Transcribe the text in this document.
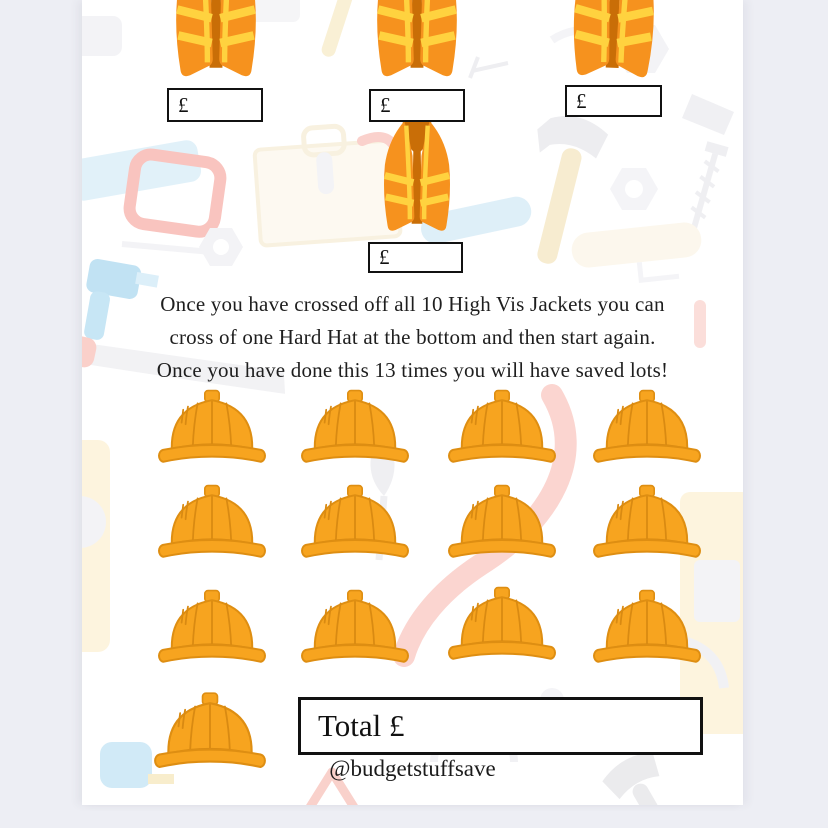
£	£	£
£
Once you have crossed off all 10 High Vis Jackets you can
cross of one Hard Hat at the bottom and then start again.
Once you have done this 13 times you will have saved lots!
Total £
@budgetstuffsave
